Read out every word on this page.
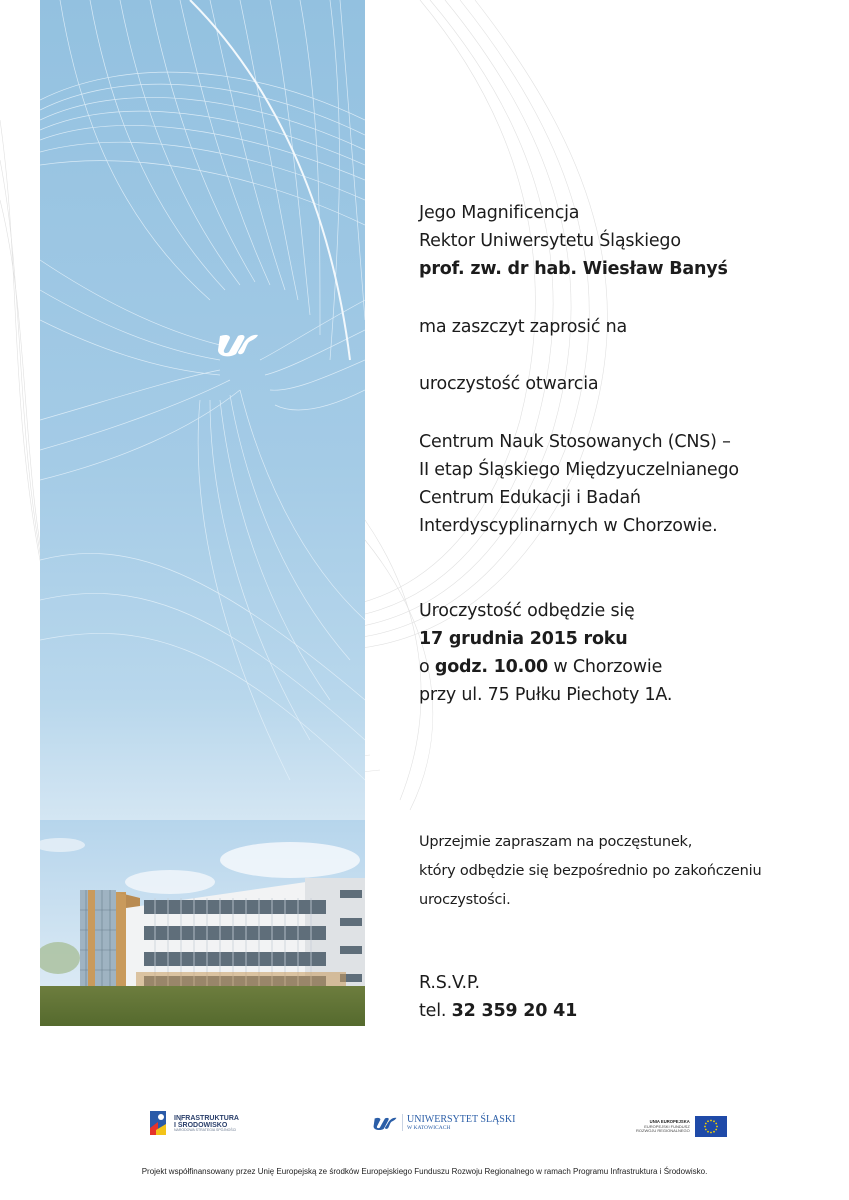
Jego Magnificencja
Rektor Uniwersytetu Śląskiego
prof. zw. dr hab. Wiesław Banyś
ma zaszczyt zaprosić na
uroczystość otwarcia
Centrum Nauk Stosowanych (CNS) –
II etap Śląskiego Międzyuczelnianego
Centrum Edukacji i Badań
Interdyscyplinarnych w Chorzowie.
Uroczystość odbędzie się
17 grudnia 2015 roku
o godz. 10.00 w Chorzowie
przy ul. 75 Pułku Piechoty 1A.
Uprzejmie zapraszam na poczęstunek,
który odbędzie się bezpośrednio po zakończeniu
uroczystości.
R.S.V.P.
tel. 32 359 20 41
INFRASTRUKTURA
I ŚRODOWISKO
NARODOWA STRATEGIA SPÓJNOŚCI
UNIWERSYTET ŚLĄSKI
W KATOWICACH
UNIA EUROPEJSKA
EUROPEJSKI FUNDUSZ
ROZWOJU REGIONALNEGO
Projekt współfinansowany przez Unię Europejską ze środków Europejskiego Funduszu Rozwoju Regionalnego w ramach Programu Infrastruktura i Środowisko.
